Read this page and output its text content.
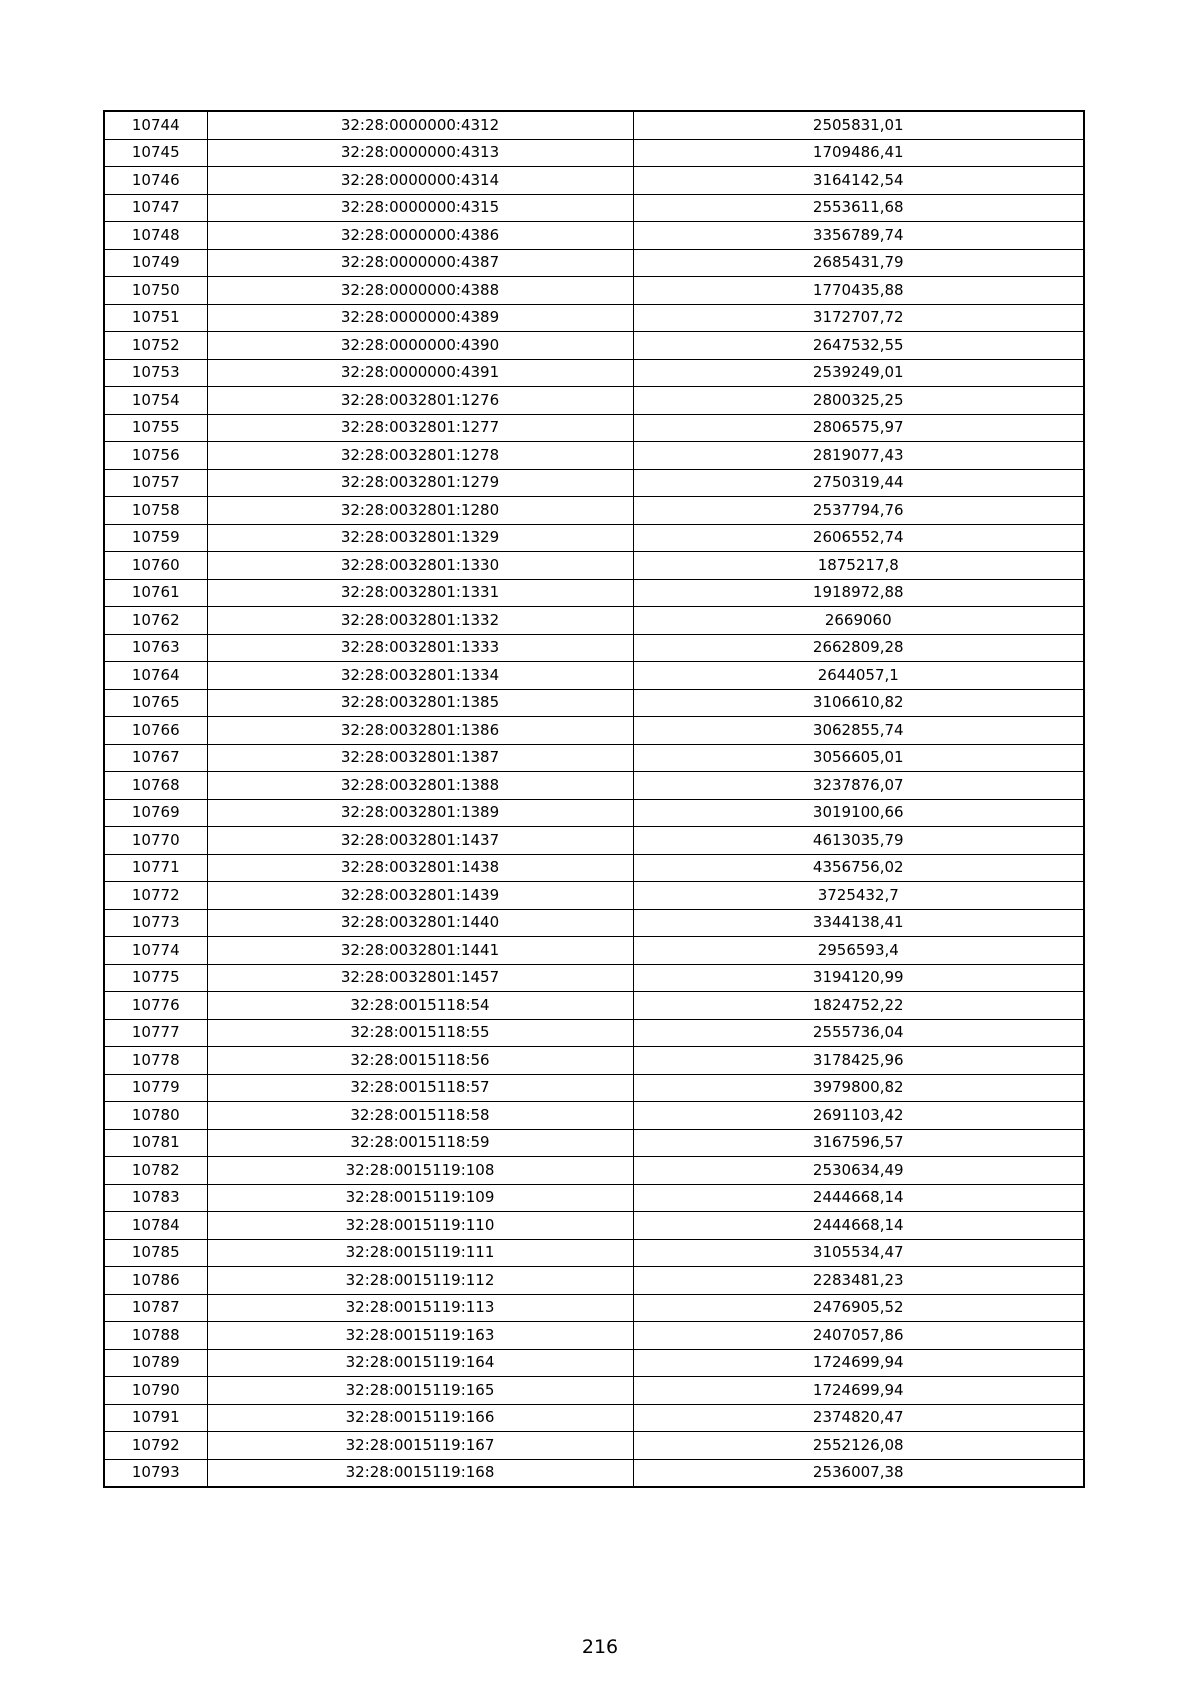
10744	32:28:0000000:4312	2505831,01
10745	32:28:0000000:4313	1709486,41
10746	32:28:0000000:4314	3164142,54
10747	32:28:0000000:4315	2553611,68
10748	32:28:0000000:4386	3356789,74
10749	32:28:0000000:4387	2685431,79
10750	32:28:0000000:4388	1770435,88
10751	32:28:0000000:4389	3172707,72
10752	32:28:0000000:4390	2647532,55
10753	32:28:0000000:4391	2539249,01
10754	32:28:0032801:1276	2800325,25
10755	32:28:0032801:1277	2806575,97
10756	32:28:0032801:1278	2819077,43
10757	32:28:0032801:1279	2750319,44
10758	32:28:0032801:1280	2537794,76
10759	32:28:0032801:1329	2606552,74
10760	32:28:0032801:1330	1875217,8
10761	32:28:0032801:1331	1918972,88
10762	32:28:0032801:1332	2669060
10763	32:28:0032801:1333	2662809,28
10764	32:28:0032801:1334	2644057,1
10765	32:28:0032801:1385	3106610,82
10766	32:28:0032801:1386	3062855,74
10767	32:28:0032801:1387	3056605,01
10768	32:28:0032801:1388	3237876,07
10769	32:28:0032801:1389	3019100,66
10770	32:28:0032801:1437	4613035,79
10771	32:28:0032801:1438	4356756,02
10772	32:28:0032801:1439	3725432,7
10773	32:28:0032801:1440	3344138,41
10774	32:28:0032801:1441	2956593,4
10775	32:28:0032801:1457	3194120,99
10776	32:28:0015118:54	1824752,22
10777	32:28:0015118:55	2555736,04
10778	32:28:0015118:56	3178425,96
10779	32:28:0015118:57	3979800,82
10780	32:28:0015118:58	2691103,42
10781	32:28:0015118:59	3167596,57
10782	32:28:0015119:108	2530634,49
10783	32:28:0015119:109	2444668,14
10784	32:28:0015119:110	2444668,14
10785	32:28:0015119:111	3105534,47
10786	32:28:0015119:112	2283481,23
10787	32:28:0015119:113	2476905,52
10788	32:28:0015119:163	2407057,86
10789	32:28:0015119:164	1724699,94
10790	32:28:0015119:165	1724699,94
10791	32:28:0015119:166	2374820,47
10792	32:28:0015119:167	2552126,08
10793	32:28:0015119:168	2536007,38
216
